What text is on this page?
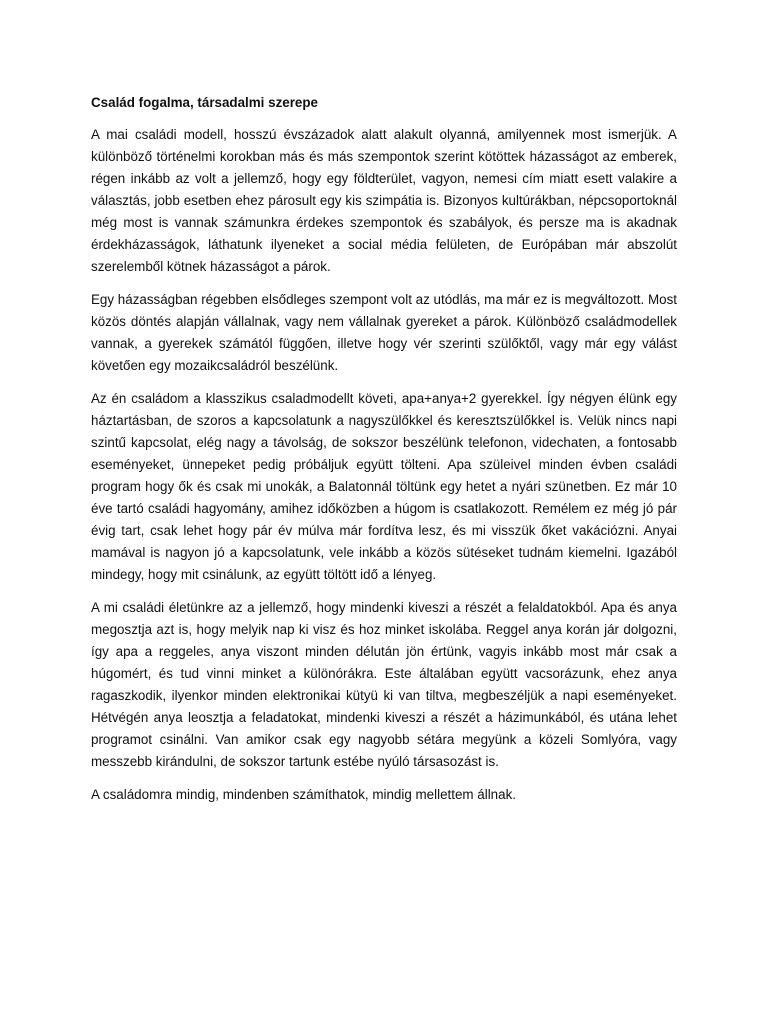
Család fogalma, társadalmi szerepe

A mai családi modell, hosszú évszázadok alatt alakult olyanná, amilyennek most ismerjük. A különböző történelmi korokban más és más szempontok szerint kötöttek házasságot az emberek, régen inkább az volt a jellemző, hogy egy földterület, vagyon, nemesi cím miatt esett valakire a választás, jobb esetben ehez párosult egy kis szimpátia is. Bizonyos kultúrákban, népcsoportoknál még most is vannak számunkra érdekes szempontok és szabályok, és persze ma is akadnak érdekházasságok, láthatunk ilyeneket a social média felületen, de Európában már abszolút szerelemből kötnek házasságot a párok.

Egy házasságban régebben elsődleges szempont volt az utódlás, ma már ez is megváltozott. Most közös döntés alapján vállalnak, vagy nem vállalnak gyereket a párok. Különböző családmodellek vannak, a gyerekek számától függően, illetve hogy vér szerinti szülőktől, vagy már egy válást követően egy mozaikcsaládról beszélünk.

Az én családom a klasszikus csaladmodellt követi, apa+anya+2 gyerekkel. Így négyen élünk egy háztartásban, de szoros a kapcsolatunk a nagyszülőkkel és keresztszülőkkel is. Velük nincs napi szintű kapcsolat, elég nagy a távolság, de sokszor beszélünk telefonon, videchaten, a fontosabb eseményeket, ünnepeket pedig próbáljuk együtt tölteni. Apa szüleivel minden évben családi program hogy ők és csak mi unokák, a Balatonnál töltünk egy hetet a nyári szünetben. Ez már 10 éve tartó családi hagyomány, amihez időközben a húgom is csatlakozott. Remélem ez még jó pár évig tart, csak lehet hogy pár év múlva már fordítva lesz, és mi visszük őket vakációzni. Anyai mamával is nagyon jó a kapcsolatunk, vele inkább a közös sütéseket tudnám kiemelni. Igazából mindegy, hogy mit csinálunk, az együtt töltött idő a lényeg.

A mi családi életünkre az a jellemző, hogy mindenki kiveszi a részét a felaldatokból. Apa és anya megosztja azt is, hogy melyik nap ki visz és hoz minket iskolába. Reggel anya korán jár dolgozni, így apa a reggeles, anya viszont minden délután jön értünk, vagyis inkább most már csak a húgomért, és tud vinni minket a különórákra. Este általában együtt vacsorázunk, ehez anya ragaszkodik, ilyenkor minden elektronikai kütyü ki van tiltva, megbeszéljük a napi eseményeket. Hétvégén anya leosztja a feladatokat, mindenki kiveszi a részét a házimunkából, és utána lehet programot csinálni. Van amikor csak egy nagyobb sétára megyünk a közeli Somlyóra, vagy messzebb kirándulni, de sokszor tartunk estébe nyúló társasozást is.

A családomra mindig, mindenben számíthatok, mindig mellettem állnak.
